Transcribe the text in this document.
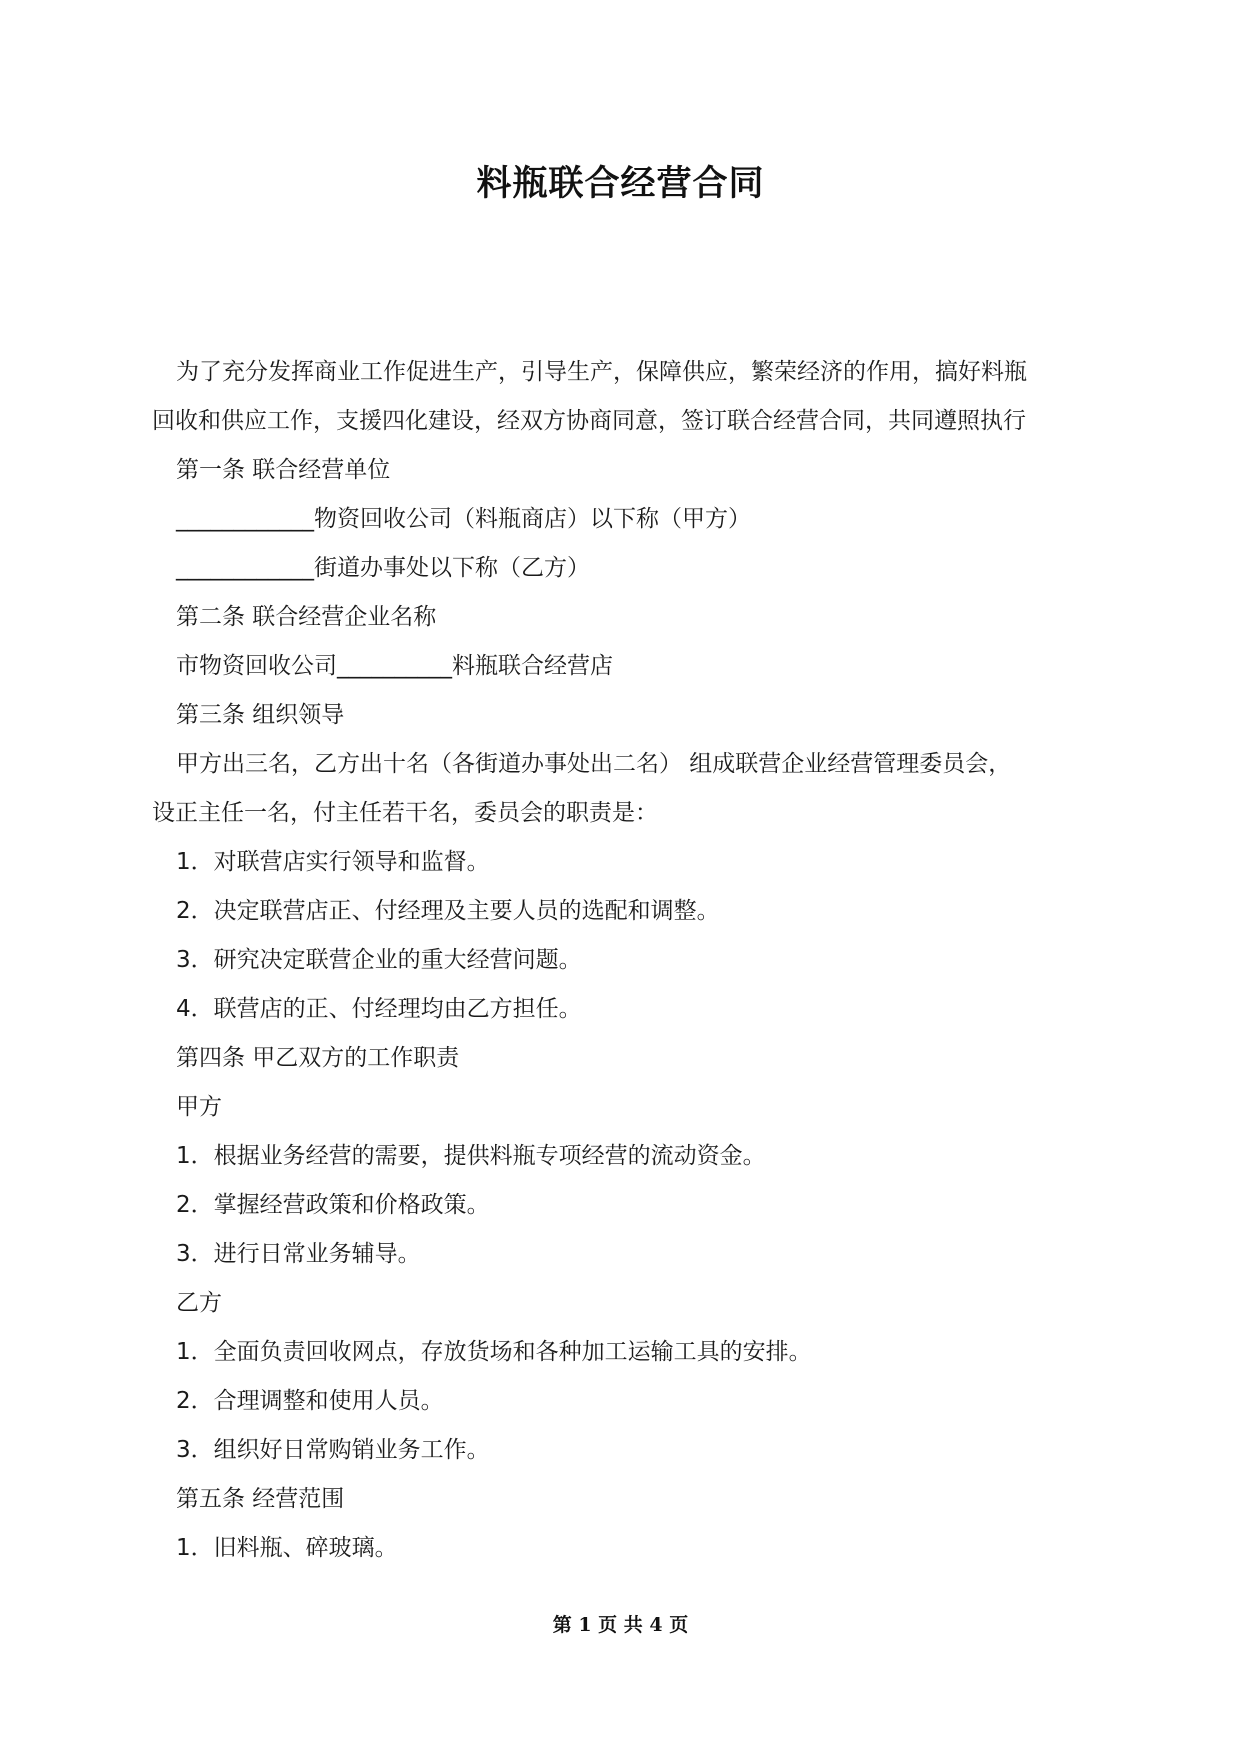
料瓶联合经营合同
为了充分发挥商业工作促进生产，引导生产，保障供应，繁荣经济的作用，搞好料瓶
回收和供应工作，支援四化建设，经双方协商同意，签订联合经营合同，共同遵照执行
第一条 联合经营单位
____________物资回收公司（料瓶商店）以下称（甲方）
____________街道办事处以下称（乙方）
第二条 联合经营企业名称
市物资回收公司__________料瓶联合经营店
第三条 组织领导
甲方出三名，乙方出十名（各街道办事处出二名） 组成联营企业经营管理委员会，
设正主任一名，付主任若干名，委员会的职责是：
1．对联营店实行领导和监督。
2．决定联营店正、付经理及主要人员的选配和调整。
3．研究决定联营企业的重大经营问题。
4．联营店的正、付经理均由乙方担任。
第四条 甲乙双方的工作职责
甲方
1．根据业务经营的需要，提供料瓶专项经营的流动资金。
2．掌握经营政策和价格政策。
3．进行日常业务辅导。
乙方
1．全面负责回收网点，存放货场和各种加工运输工具的安排。
2．合理调整和使用人员。
3．组织好日常购销业务工作。
第五条 经营范围
1．旧料瓶、碎玻璃。
第 1 页 共 4 页
